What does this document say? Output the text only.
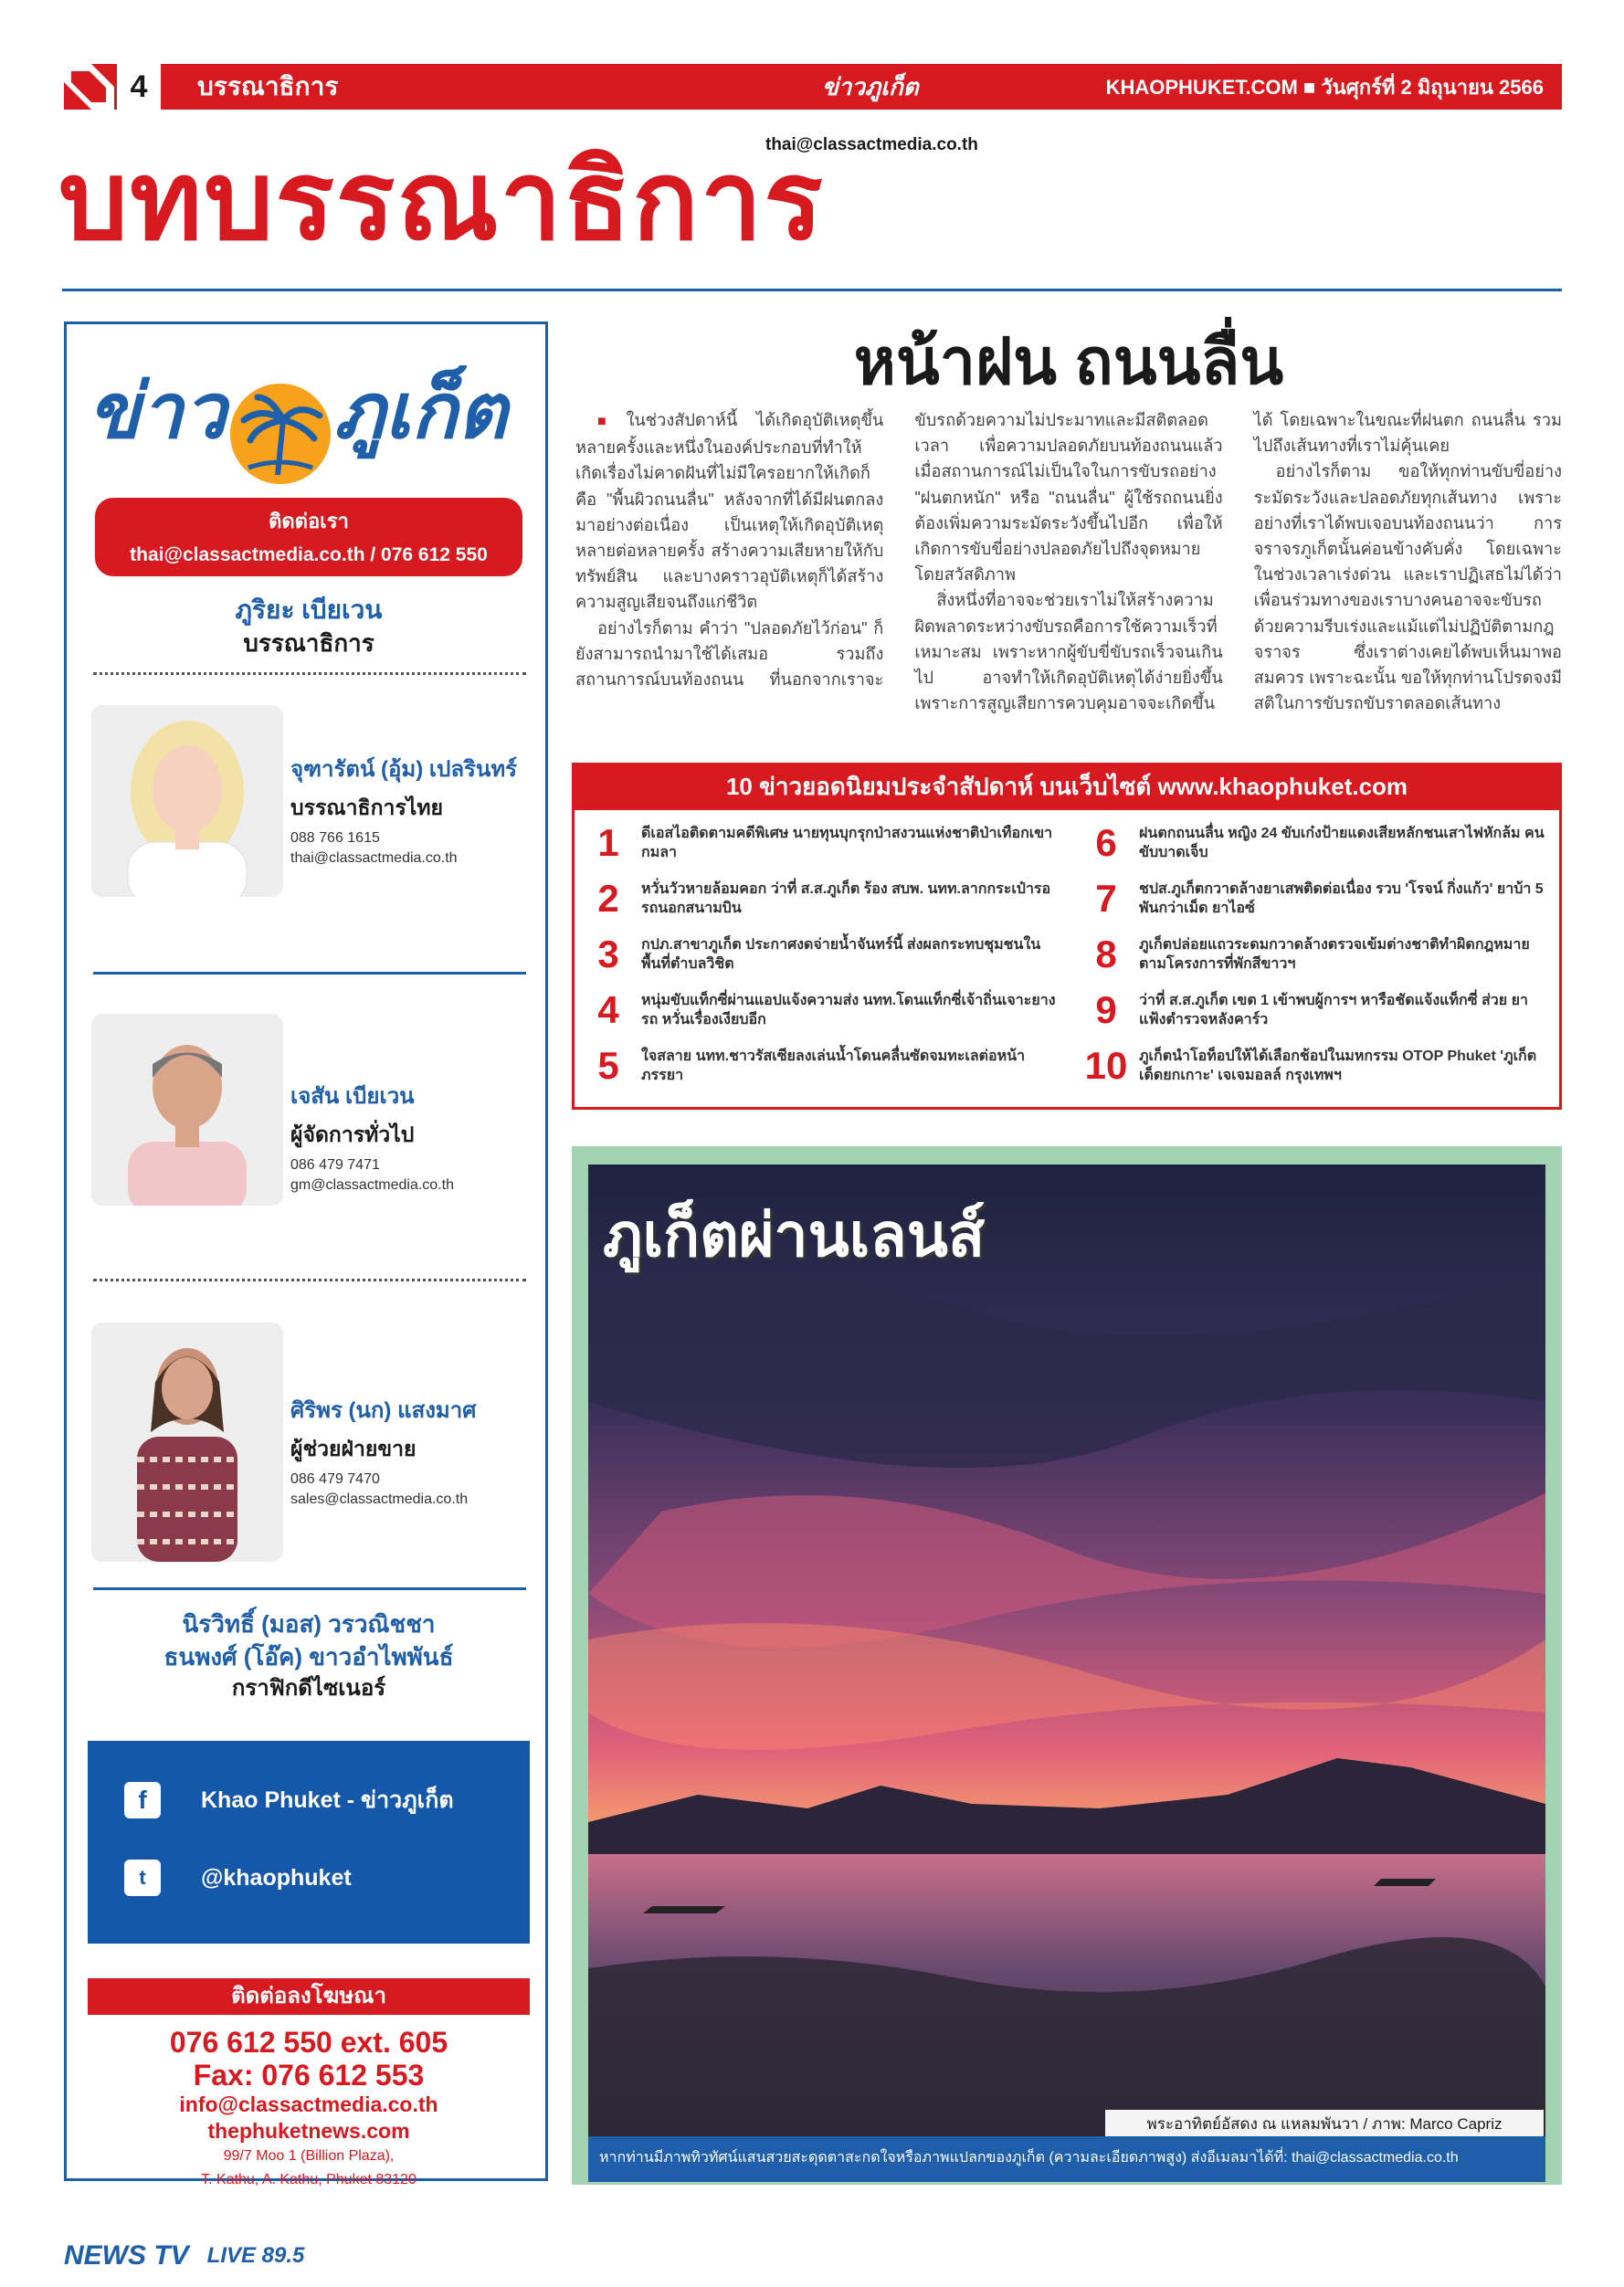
4	บรรณาธิการ	ข่าวภูเก็ต	KHAOPHUKET.COM ■ วันศุกร์ที่ 2 มิถุนายน 2566
บทบรรณาธิการ
thai@classactmedia.co.th
ข่าว ภูเก็ต
ติดต่อเรา
thai@classactmedia.co.th / 076 612 550
ภูริยะ เบียเวน
บรรณาธิการ
จุฑารัตน์ (อุ้ม) เปลรินทร์
บรรณาธิการไทย
088 766 1615
thai@classactmedia.co.th
เจสัน เบียเวน
ผู้จัดการทั่วไป
086 479 7471
gm@classactmedia.co.th
ศิริพร (นก) แสงมาศ
ผู้ช่วยฝ่ายขาย
086 479 7470
sales@classactmedia.co.th
นิรวิทธิ์ (มอส) วรวณิชชา
ธนพงศ์ (โอ๊ค) ขาวอำไพพันธ์
กราฟิกดีไซเนอร์
f	Khao Phuket - ข่าวภูเก็ต
t	@khaophuket
ติดต่อลงโฆษณา
076 612 550 ext. 605
Fax: 076 612 553
info@classactmedia.co.th
thephuketnews.com
99/7 Moo 1 (Billion Plaza),
T. Kathu, A. Kathu, Phuket 83120
NEWS TV LIVE 89.5
หน้าฝน ถนนลื่น

■ ในช่วงสัปดาห์นี้ ได้เกิดอุบัติเหตุขึ้นหลายครั้งและหนึ่งในองค์ประกอบที่ทำให้เกิดเรื่องไม่คาดฝันที่ไม่มีใครอยากให้เกิดก็คือ "พื้นผิวถนนลื่น" หลังจากที่ได้มีฝนตกลงมาอย่างต่อเนื่อง เป็นเหตุให้เกิดอุบัติเหตุหลายต่อหลายครั้ง สร้างความเสียหายให้กับทรัพย์สิน และบางคราวอุบัติเหตุก็ได้สร้างความสูญเสียจนถึงแก่ชีวิต

อย่างไรก็ตาม คำว่า "ปลอดภัยไว้ก่อน" ก็ยังสามารถนำมาใช้ได้เสมอ รวมถึงสถานการณ์บนท้องถนน ที่นอกจากเราจะขับรถด้วยความไม่ประมาทและมีสติตลอดเวลา เพื่อความปลอดภัยบนท้องถนนแล้ว เมื่อสถานการณ์ไม่เป็นใจในการขับรถอย่าง "ฝนตกหนัก" หรือ "ถนนลื่น" ผู้ใช้รถถนนยิ่งต้องเพิ่มความระมัดระวังขึ้นไปอีก เพื่อให้เกิดการขับขี่อย่างปลอดภัยไปถึงจุดหมายโดยสวัสดิภาพ

สิ่งหนึ่งที่อาจจะช่วยเราไม่ให้สร้างความผิดพลาดระหว่างขับรถคือการใช้ความเร็วที่เหมาะสม เพราะหากผู้ขับขี่ขับรถเร็วจนเกินไป อาจทำให้เกิดอุบัติเหตุได้ง่ายยิ่งขึ้น เพราะการสูญเสียการควบคุมอาจจะเกิดขึ้นได้ โดยเฉพาะในขณะที่ฝนตก ถนนลื่น รวมไปถึงเส้นทางที่เราไม่คุ้นเคย

อย่างไรก็ตาม ขอให้ทุกท่านขับขี่อย่างระมัดระวังและปลอดภัยทุกเส้นทาง เพราะอย่างที่เราได้พบเจอบนท้องถนนว่า การจราจรภูเก็ตนั้นค่อนข้างคับคั่ง โดยเฉพาะในช่วงเวลาเร่งด่วน และเราปฏิเสธไม่ได้ว่าเพื่อนร่วมทางของเราบางคนอาจจะขับรถด้วยความรีบเร่งและแม้แต่ไม่ปฏิบัติตามกฎจราจร ซึ่งเราต่างเคยได้พบเห็นมาพอสมควร เพราะฉะนั้น ขอให้ทุกท่านโปรดจงมีสติในการขับรถขับราตลอดเส้นทาง

10 ข่าวยอดนิยมประจำสัปดาห์ บนเว็บไซต์ www.khaophuket.com
1	ดีเอสไอติดตามคดีพิเศษ นายทุนบุกรุกป่าสงวนแห่งชาติป่าเทือกเขากมลา
2	หวั่นวัวหายล้อมคอก ว่าที่ ส.ส.ภูเก็ต ร้อง สบพ. นทท.ลากกระเป๋ารอรถนอกสนามบิน
3	กปภ.สาขาภูเก็ต ประกาศงดจ่ายน้ำจันทร์นี้ ส่งผลกระทบชุมชนในพื้นที่ตำบลวิชิต
4	หนุ่มขับแท็กซี่ผ่านแอปแจ้งความส่ง นทท.โดนแท็กซี่เจ้าถิ่นเจาะยางรถ หวั่นเรื่องเงียบอีก
5	ใจสลาย นทท.ชาวรัสเซียลงเล่นน้ำโดนคลื่นซัดจมทะเลต่อหน้าภรรยา
6	ฝนตกถนนลื่น หญิง 24 ขับเก๋งป้ายแดงเสียหลักชนเสาไฟหักล้ม คนขับบาดเจ็บ
7	ชปส.ภูเก็ตกวาดล้างยาเสพติดต่อเนื่อง รวบ 'โรจน์ กิ่งแก้ว' ยาบ้า 5 พันกว่าเม็ด ยาไอซ์
8	ภูเก็ตปล่อยแถวระดมกวาดล้างตรวจเข้มต่างชาติทำผิดกฎหมาย ตามโครงการที่พักสีขาวฯ
9	ว่าที่ ส.ส.ภูเก็ต เขต 1 เข้าพบผู้การฯ หารือชัดแจ้งแท็กซี่ ส่วย ยา แฟ้งตำรวจหลังคาร์ว
10 ภูเก็ตนำโอท็อปให้ได้เลือกช้อปในมหกรรม OTOP Phuket 'ภูเก็ตเด็ดยกเกาะ' เจเจมอลล์ กรุงเทพฯ
ภูเก็ตผ่านเลนส์
พระอาทิตย์อัสดง ณ แหลมพันวา / ภาพ: Marco Capriz
หากท่านมีภาพทิวทัศน์แสนสวยสะดุดตาสะกดใจหรือภาพแปลกของภูเก็ต (ความละเอียดภาพสูง) ส่งอีเมลมาได้ที่: thai@classactmedia.co.th
